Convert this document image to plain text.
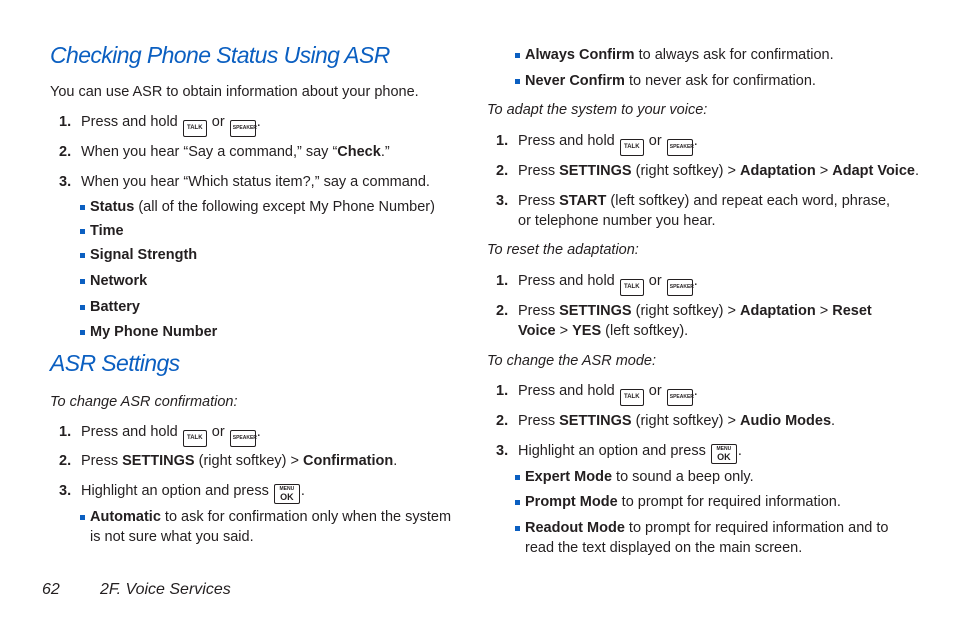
Checking Phone Status Using ASR

You can use ASR to obtain information about your phone.

1. Press and hold TALK or SPEAKER.
2. When you hear “Say a command,” say “Check.”
3. When you hear “Which status item?,” say a command.
Status (all of the following except My Phone Number)
Time
Signal Strength
Network
Battery
My Phone Number
ASR Settings

To change ASR confirmation:

1. Press and hold TALK or SPEAKER.
2. Press SETTINGS (right softkey) > Confirmation.
3. Highlight an option and press MENU
OK .
Automatic to ask for confirmation only when the system is not sure what you said.
Always Confirm to always ask for confirmation.
Never Confirm to never ask for confirmation.

To adapt the system to your voice:

1. Press and hold TALK or SPEAKER.
2. Press SETTINGS (right softkey) > Adaptation > Adapt Voice.
3. Press START (left softkey) and repeat each word, phrase, or telephone number you hear.

To reset the adaptation:

1. Press and hold TALK or SPEAKER.
2. Press SETTINGS (right softkey) > Adaptation > Reset Voice > YES (left softkey).

To change the ASR mode:

1. Press and hold TALK or SPEAKER.
2. Press SETTINGS (right softkey) > Audio Modes.
3. Highlight an option and press MENU
OK .
Expert Mode to sound a beep only.
Prompt Mode to prompt for required information.
Readout Mode to prompt for required information and to read the text displayed on the main screen.
62	2F. Voice Services
